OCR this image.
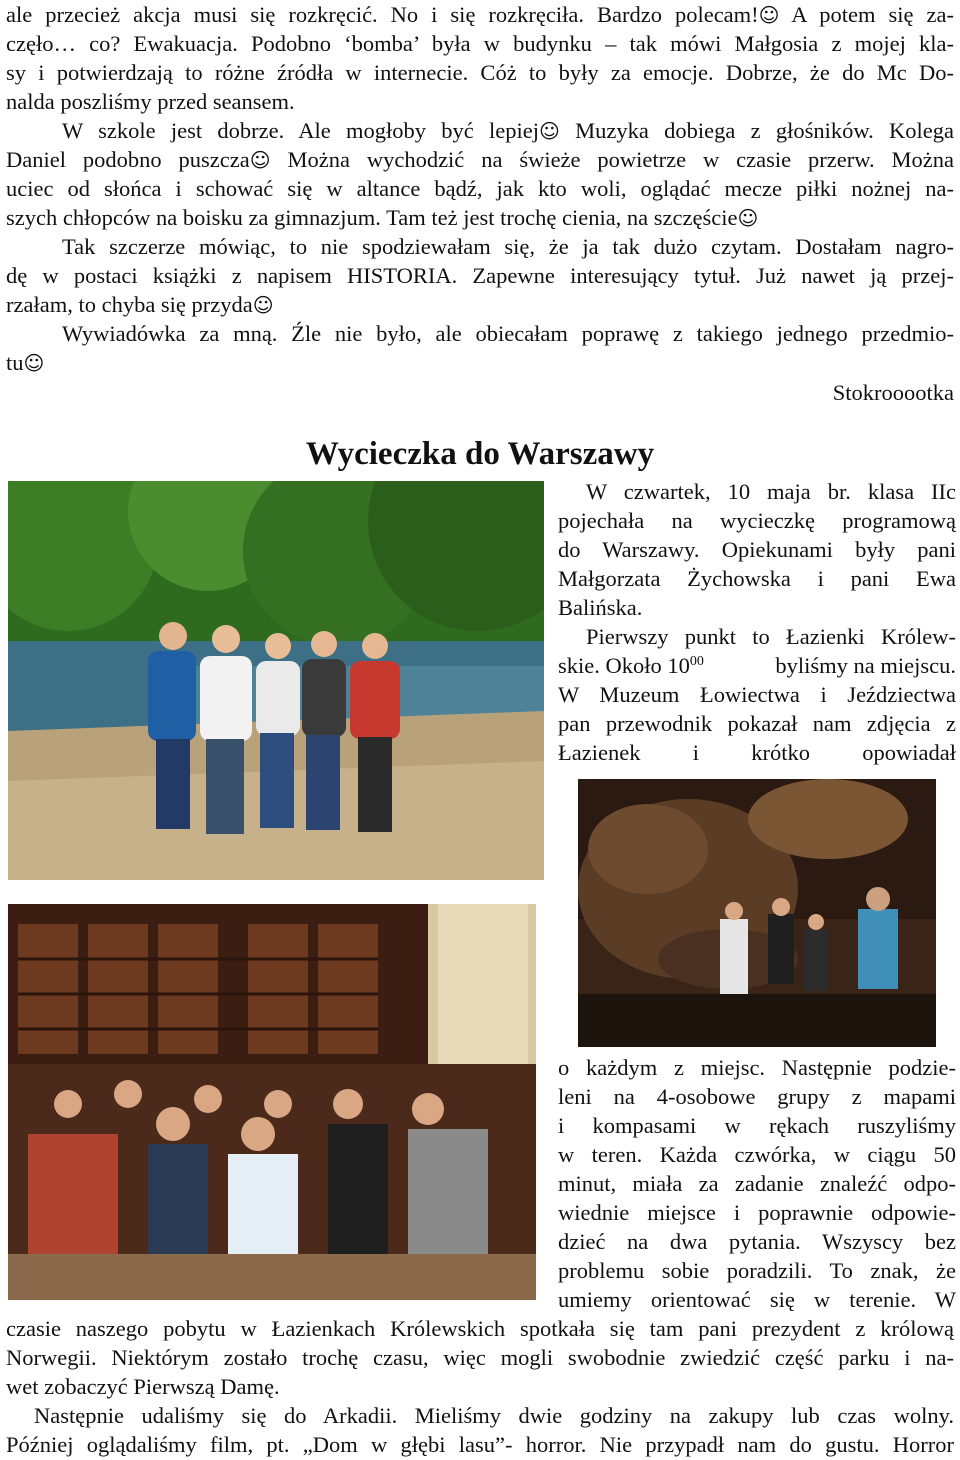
ale przecież akcja musi się rozkręcić. No i się rozkręciła. Bardzo polecam!☺ A potem się za-
częło… co? Ewakuacja. Podobno ‘bomba’ była w budynku – tak mówi Małgosia z mojej kla-
sy i potwierdzają to różne źródła w internecie. Cóż to były za emocje. Dobrze, że do Mc Do-
nalda poszliśmy przed seansem.
W szkole jest dobrze. Ale mogłoby być lepiej☺ Muzyka dobiega z głośników. Kolega
Daniel podobno puszcza☺ Można wychodzić na świeże powietrze w czasie przerw. Można
uciec od słońca i schować się w altance bądź, jak kto woli, oglądać mecze piłki nożnej na-
szych chłopców na boisku za gimnazjum. Tam też jest trochę cienia, na szczęście☺
Tak szczerze mówiąc, to nie spodziewałam się, że ja tak dużo czytam. Dostałam nagro-
dę w postaci książki z napisem HISTORIA. Zapewne interesujący tytuł. Już nawet ją przej-
rzałam, to chyba się przyda☺
Wywiadówka za mną. Źle nie było, ale obiecałam poprawę z takiego jednego przedmio-
tu☺
Stokrooootka
Wycieczka do Warszawy
W czwartek, 10 maja br. klasa IIc
pojechała na wycieczkę programową
do Warszawy. Opiekunami były pani
Małgorzata Żychowska i pani Ewa
Balińska.
Pierwszy punkt to Łazienki Królew-
skie. Około $10^{00}$	byliśmy na miejscu.
W Muzeum Łowiectwa i Jeździectwa
pan przewodnik pokazał nam zdjęcia z
Łazienek i krótko opowiadał
o każdym z miejsc. Następnie podzie-
leni na 4-osobowe grupy z mapami
i kompasami w rękach ruszyliśmy
w teren. Każda czwórka, w ciągu 50
minut, miała za zadanie znaleźć odpo-
wiednie miejsce i poprawnie odpowie-
dzieć na dwa pytania. Wszyscy bez
problemu sobie poradzili. To znak, że
umiemy orientować się w terenie. W
czasie naszego pobytu w Łazienkach Królewskich spotkała się tam pani prezydent z królową
Norwegii. Niektórym zostało trochę czasu, więc mogli swobodnie zwiedzić część parku i na-
wet zobaczyć Pierwszą Damę.
Następnie udaliśmy się do Arkadii. Mieliśmy dwie godziny na zakupy lub czas wolny.
Później oglądaliśmy film, pt. „Dom w głębi lasu”- horror. Nie przypadł nam do gustu. Horror
